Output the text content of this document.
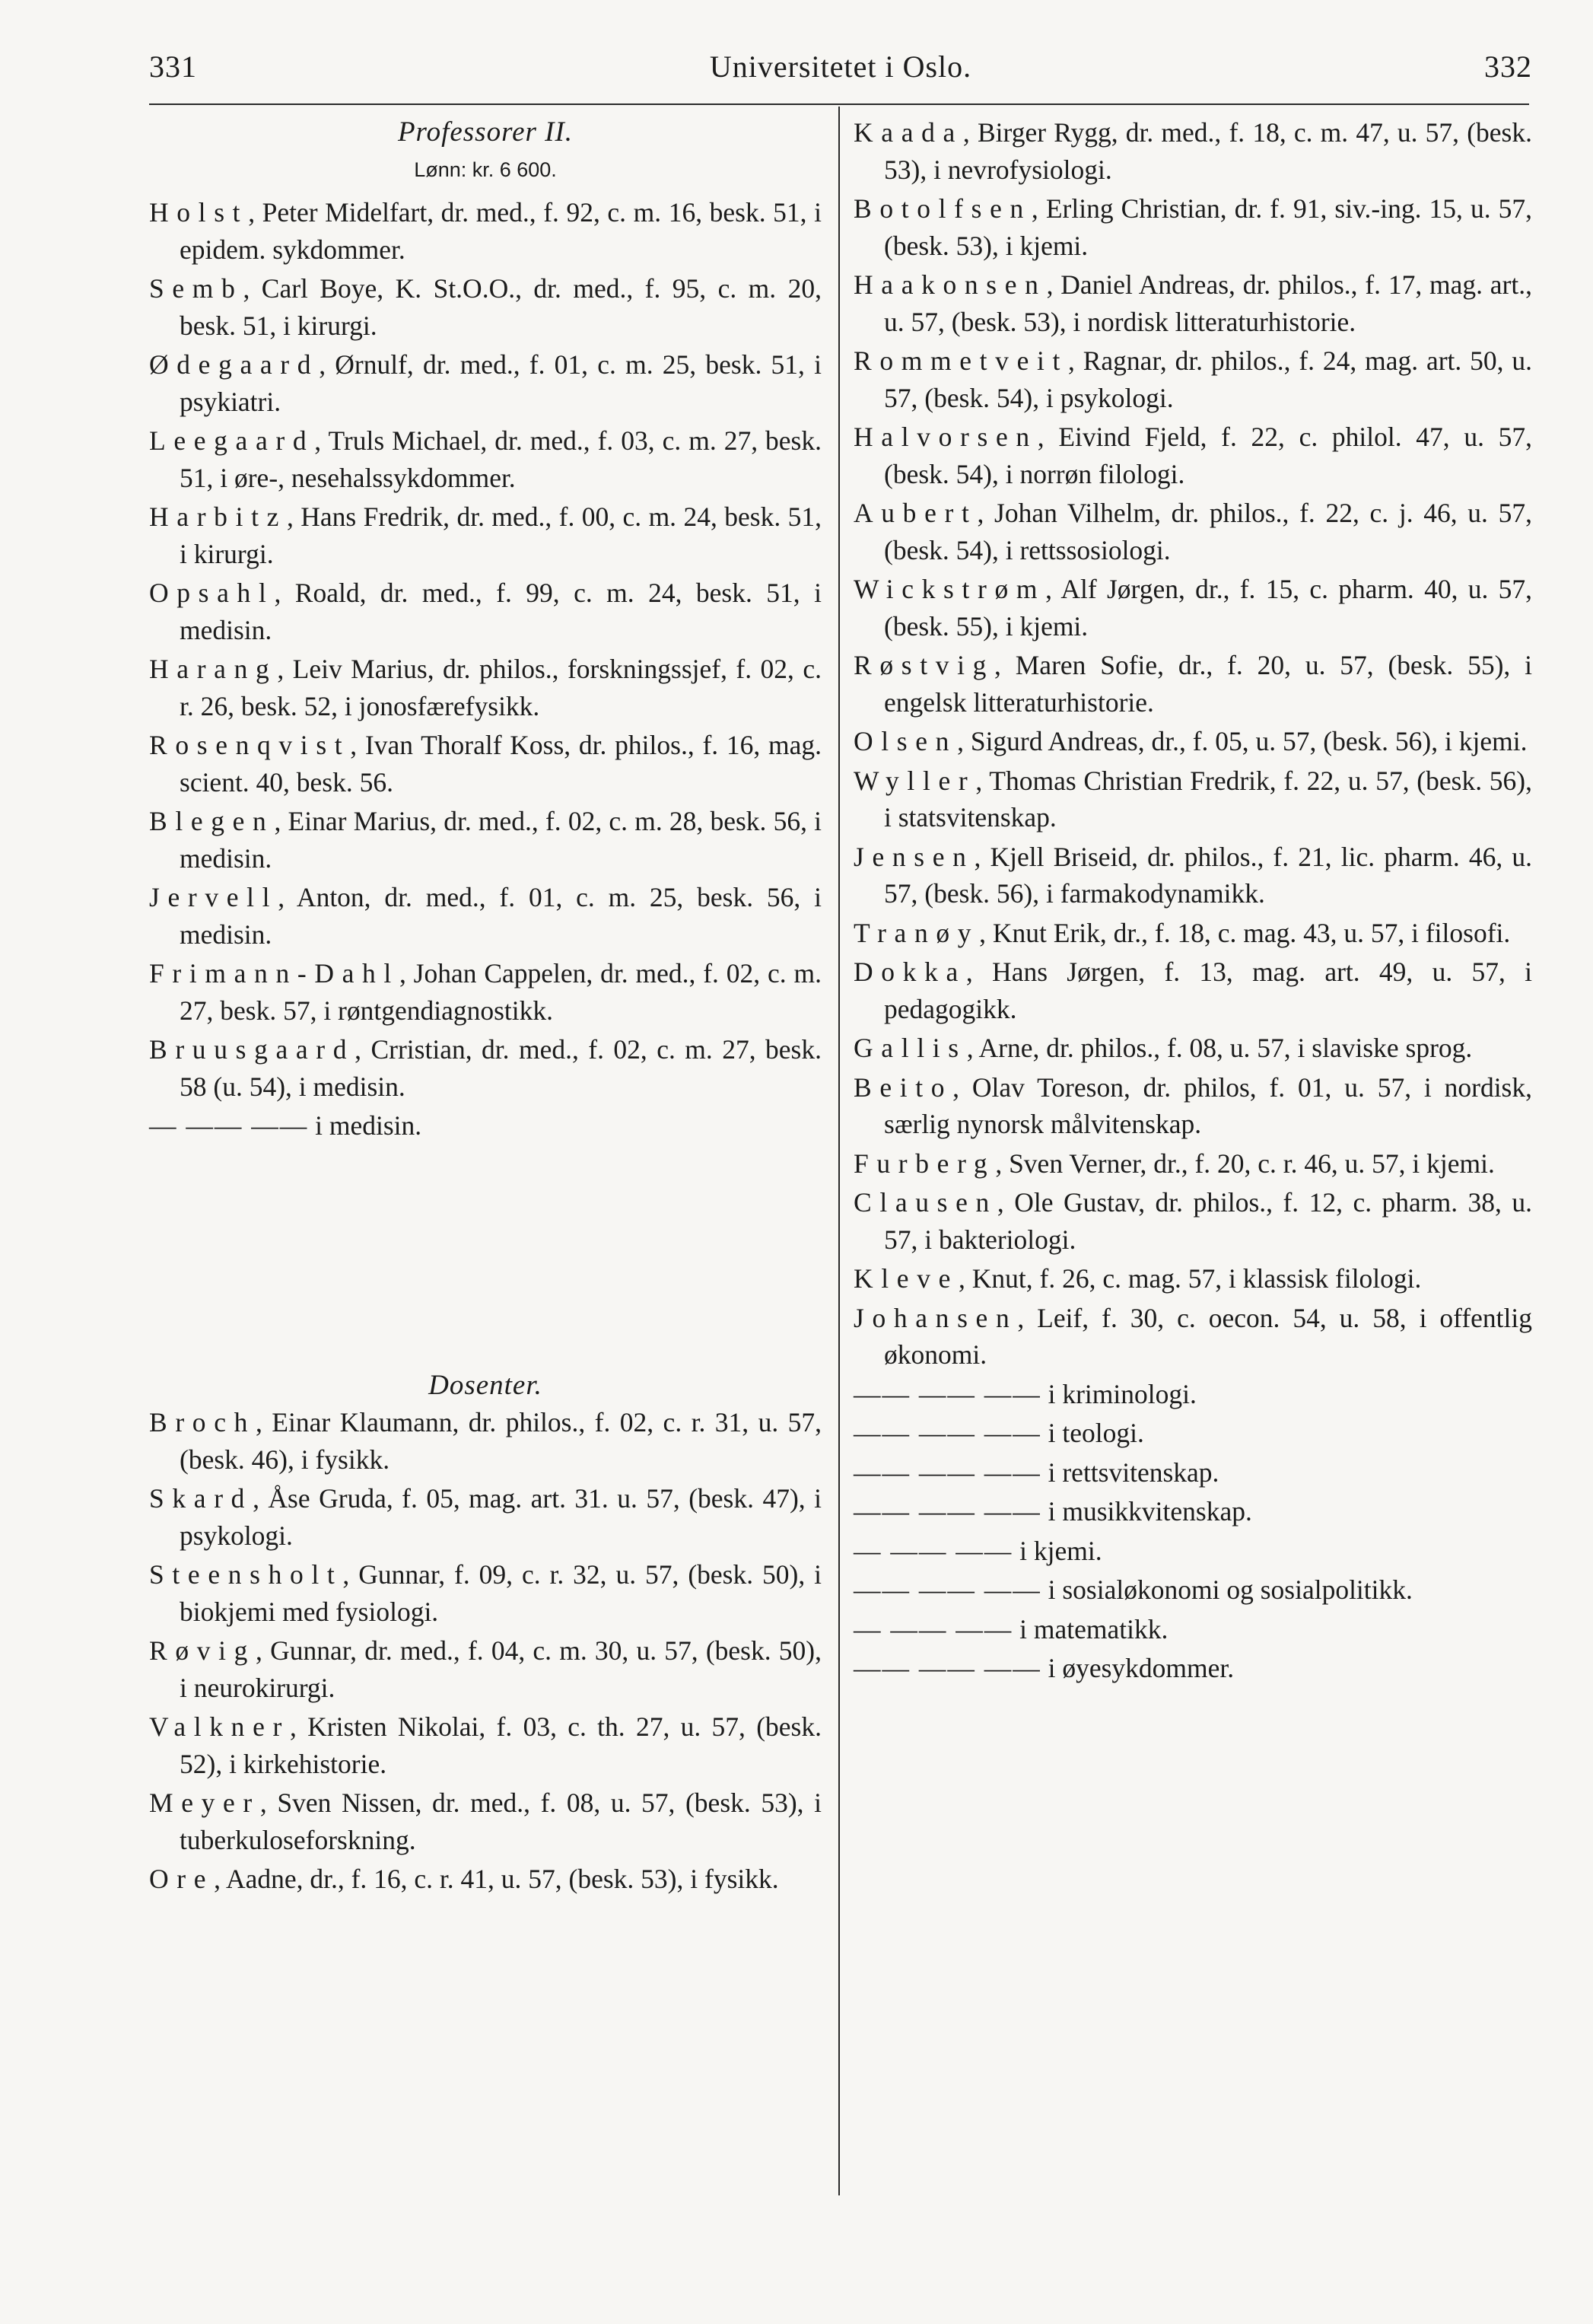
331	Universitetet i Oslo.	332
Professorer II.
Lønn: kr. 6 600.

Holst, Peter Midelfart, dr. med., f. 92, c. m. 16, besk. 51, i epidem. sykdommer.

Semb, Carl Boye, K. St.O.O., dr. med., f. 95, c. m. 20, besk. 51, i kirurgi.

Ødegaard, Ørnulf, dr. med., f. 01, c. m. 25, besk. 51, i psykiatri.

Leegaard, Truls Michael, dr. med., f. 03, c. m. 27, besk. 51, i øre-, nesehalssykdommer.

Harbitz, Hans Fredrik, dr. med., f. 00, c. m. 24, besk. 51, i kirurgi.

Opsahl, Roald, dr. med., f. 99, c. m. 24, besk. 51, i medisin.

Harang, Leiv Marius, dr. philos., forskningssjef, f. 02, c. r. 26, besk. 52, i jonosfærefysikk.

Rosenqvist, Ivan Thoralf Koss, dr. philos., f. 16, mag. scient. 40, besk. 56.

Blegen, Einar Marius, dr. med., f. 02, c. m. 28, besk. 56, i medisin.

Jervell, Anton, dr. med., f. 01, c. m. 25, besk. 56, i medisin.

Frimann-Dahl, Johan Cappelen, dr. med., f. 02, c. m. 27, besk. 57, i røntgendiagnostikk.

Bruusgaard, Crristian, dr. med., f. 02, c. m. 27, besk. 58 (u. 54), i medisin.

— —— —— i medisin.
Dosenter.

Broch, Einar Klaumann, dr. philos., f. 02, c. r. 31, u. 57, (besk. 46), i fysikk.

Skard, Åse Gruda, f. 05, mag. art. 31. u. 57, (besk. 47), i psykologi.

Steensholt, Gunnar, f. 09, c. r. 32, u. 57, (besk. 50), i biokjemi med fysiologi.

Røvig, Gunnar, dr. med., f. 04, c. m. 30, u. 57, (besk. 50), i neurokirurgi.

Valkner, Kristen Nikolai, f. 03, c. th. 27, u. 57, (besk. 52), i kirkehistorie.

Meyer, Sven Nissen, dr. med., f. 08, u. 57, (besk. 53), i tuberkuloseforskning.

Ore, Aadne, dr., f. 16, c. r. 41, u. 57, (besk. 53), i fysikk.

Kaada, Birger Rygg, dr. med., f. 18, c. m. 47, u. 57, (besk. 53), i nevrofysiologi.

Botolfsen, Erling Christian, dr. f. 91, siv.-ing. 15, u. 57, (besk. 53), i kjemi.

Haakonsen, Daniel Andreas, dr. philos., f. 17, mag. art., u. 57, (besk. 53), i nordisk litteraturhistorie.

Rommetveit, Ragnar, dr. philos., f. 24, mag. art. 50, u. 57, (besk. 54), i psykologi.

Halvorsen, Eivind Fjeld, f. 22, c. philol. 47, u. 57, (besk. 54), i norrøn filologi.

Aubert, Johan Vilhelm, dr. philos., f. 22, c. j. 46, u. 57, (besk. 54), i rettssosiologi.

Wickstrøm, Alf Jørgen, dr., f. 15, c. pharm. 40, u. 57, (besk. 55), i kjemi.

Røstvig, Maren Sofie, dr., f. 20, u. 57, (besk. 55), i engelsk litteraturhistorie.

Olsen, Sigurd Andreas, dr., f. 05, u. 57, (besk. 56), i kjemi.

Wyller, Thomas Christian Fredrik, f. 22, u. 57, (besk. 56), i statsvitenskap.

Jensen, Kjell Briseid, dr. philos., f. 21, lic. pharm. 46, u. 57, (besk. 56), i farmakodynamikk.

Tranøy, Knut Erik, dr., f. 18, c. mag. 43, u. 57, i filosofi.

Dokka, Hans Jørgen, f. 13, mag. art. 49, u. 57, i pedagogikk.

Gallis, Arne, dr. philos., f. 08, u. 57, i slaviske sprog.

Beito, Olav Toreson, dr. philos, f. 01, u. 57, i nordisk, særlig nynorsk målvitenskap.

Furberg, Sven Verner, dr., f. 20, c. r. 46, u. 57, i kjemi.

Clausen, Ole Gustav, dr. philos., f. 12, c. pharm. 38, u. 57, i bakteriologi.

Kleve, Knut, f. 26, c. mag. 57, i klassisk filologi.

Johansen, Leif, f. 30, c. oecon. 54, u. 58, i offentlig økonomi.

—— —— —— i kriminologi.

—— —— —— i teologi.

—— —— —— i rettsvitenskap.

—— —— —— i musikkvitenskap.

— —— —— i kjemi.

—— —— —— i sosialøkonomi og sosialpolitikk.

— —— —— i matematikk.

—— —— —— i øyesykdommer.
